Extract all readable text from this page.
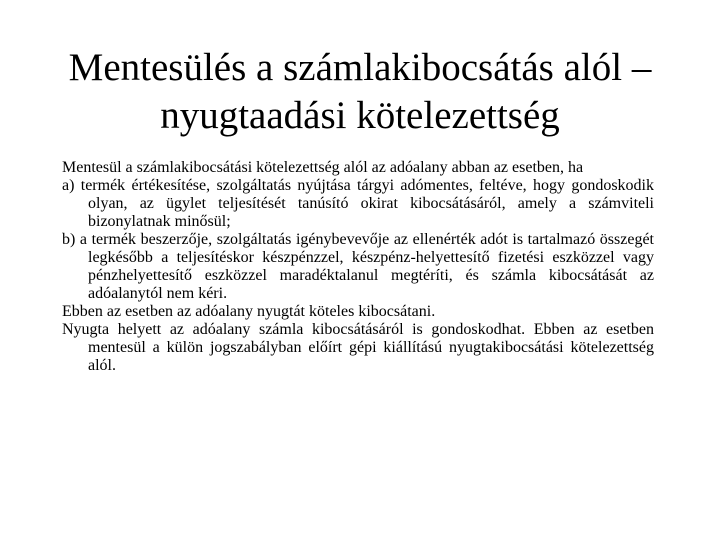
Mentesülés a számlakibocsátás alól –
nyugtaadási kötelezettség

Mentesül a számlakibocsátási kötelezettség alól az adóalany abban az esetben, ha

a) termék értékesítése, szolgáltatás nyújtása tárgyi adómentes, feltéve, hogy gondoskodik olyan, az ügylet teljesítését tanúsító okirat kibocsátásáról, amely a számviteli bizonylatnak minősül;

b) a termék beszerzője, szolgáltatás igénybevevője az ellenérték adót is tartalmazó összegét legkésőbb a teljesítéskor készpénzzel, készpénz-helyettesítő fizetési eszközzel vagy pénzhelyettesítő eszközzel maradéktalanul megtéríti, és számla kibocsátását az adóalanytól nem kéri.

Ebben az esetben az adóalany nyugtát köteles kibocsátani.

Nyugta helyett az adóalany számla kibocsátásáról is gondoskodhat. Ebben az esetben mentesül a külön jogszabályban előírt gépi kiállítású nyugtakibocsátási kötelezettség alól.
